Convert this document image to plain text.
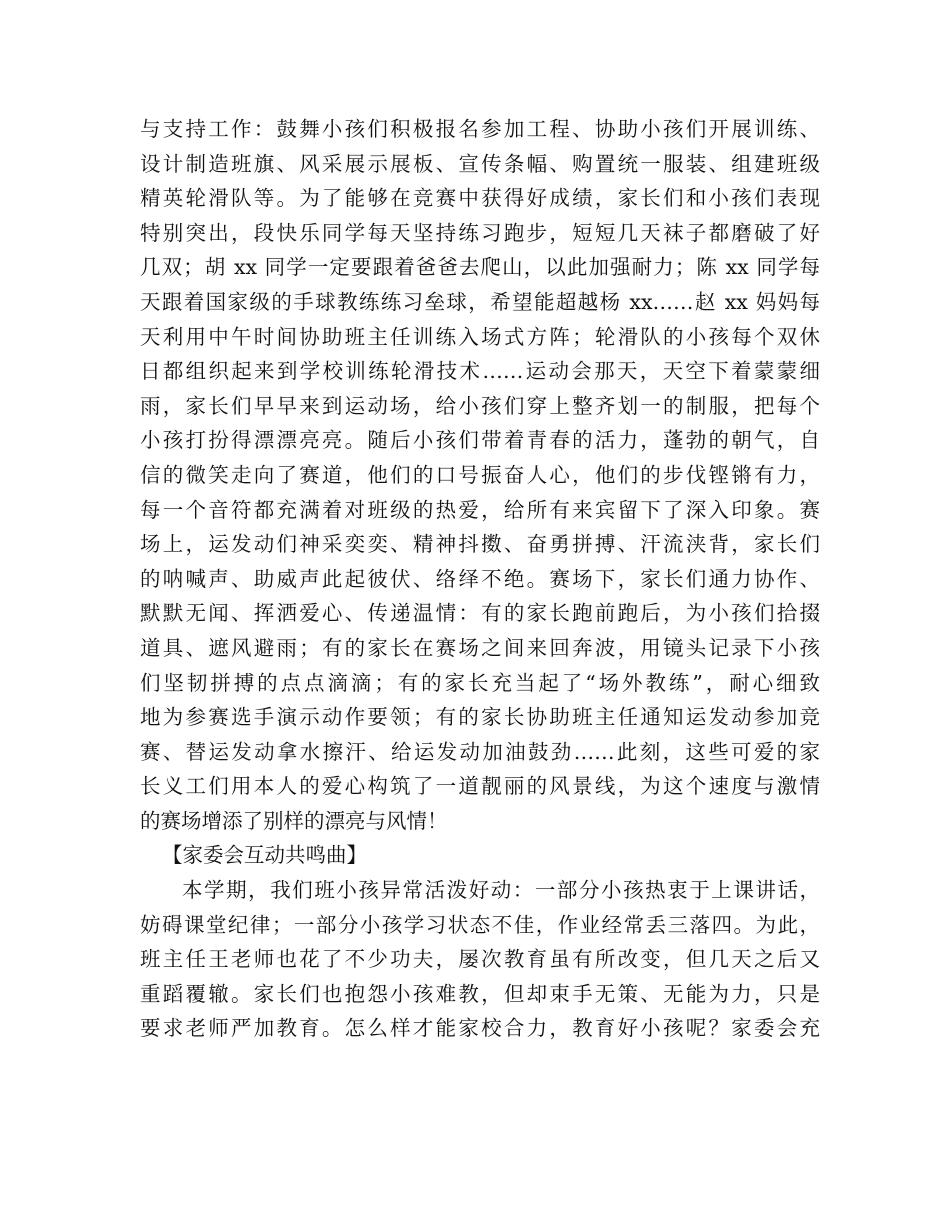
与支持工作：鼓舞小孩们积极报名参加工程、协助小孩们开展训练、
设计制造班旗、风采展示展板、宣传条幅、购置统一服装、组建班级
精英轮滑队等。为了能够在竞赛中获得好成绩，家长们和小孩们表现
特别突出，段快乐同学每天坚持练习跑步，短短几天袜子都磨破了好
几双；胡 xx 同学一定要跟着爸爸去爬山，以此加强耐力；陈 xx 同学每
天跟着国家级的手球教练练习垒球，希望能超越杨 xx……赵 xx 妈妈每
天利用中午时间协助班主任训练入场式方阵；轮滑队的小孩每个双休
日都组织起来到学校训练轮滑技术……运动会那天，天空下着蒙蒙细
雨，家长们早早来到运动场，给小孩们穿上整齐划一的制服，把每个
小孩打扮得漂漂亮亮。随后小孩们带着青春的活力，蓬勃的朝气，自
信的微笑走向了赛道，他们的口号振奋人心，他们的步伐铿锵有力，
每一个音符都充满着对班级的热爱，给所有来宾留下了深入印象。赛
场上，运发动们神采奕奕、精神抖擞、奋勇拼搏、汗流浃背，家长们
的呐喊声、助威声此起彼伏、络绎不绝。赛场下，家长们通力协作、
默默无闻、挥洒爱心、传递温情：有的家长跑前跑后，为小孩们拾掇
道具、遮风避雨；有的家长在赛场之间来回奔波，用镜头记录下小孩
们坚韧拼搏的点点滴滴；有的家长充当起了“场外教练”，耐心细致
地为参赛选手演示动作要领；有的家长协助班主任通知运发动参加竞
赛、替运发动拿水擦汗、给运发动加油鼓劲……此刻，这些可爱的家
长义工们用本人的爱心构筑了一道靓丽的风景线，为这个速度与激情
的赛场增添了别样的漂亮与风情！
【家委会互动共鸣曲】
本学期，我们班小孩异常活泼好动：一部分小孩热衷于上课讲话，
妨碍课堂纪律；一部分小孩学习状态不佳，作业经常丢三落四。为此，
班主任王老师也花了不少功夫，屡次教育虽有所改变，但几天之后又
重蹈覆辙。家长们也抱怨小孩难教，但却束手无策、无能为力，只是
要求老师严加教育。怎么样才能家校合力，教育好小孩呢？家委会充
